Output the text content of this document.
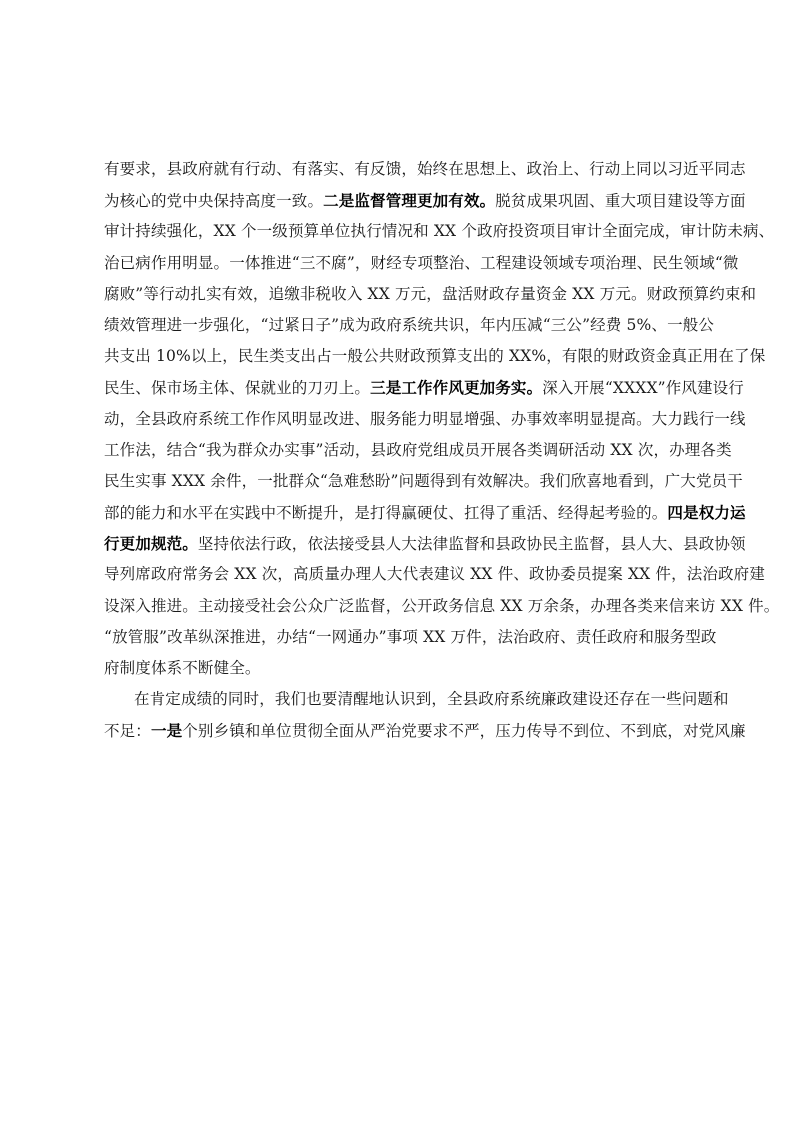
有要求，县政府就有行动、有落实、有反馈，始终在思想上、政治上、行动上同以习近平同志
为核心的党中央保持高度一致。二是监督管理更加有效。脱贫成果巩固、重大项目建设等方面
审计持续强化，XX 个一级预算单位执行情况和 XX 个政府投资项目审计全面完成，审计防未病、
治已病作用明显。一体推进“三不腐”，财经专项整治、工程建设领域专项治理、民生领域“微
腐败”等行动扎实有效，追缴非税收入 XX 万元，盘活财政存量资金 XX 万元。财政预算约束和
绩效管理进一步强化，“过紧日子”成为政府系统共识，年内压减“三公”经费 5%、一般公
共支出 10%以上，民生类支出占一般公共财政预算支出的 XX%，有限的财政资金真正用在了保
民生、保市场主体、保就业的刀刃上。三是工作作风更加务实。深入开展“XXXX”作风建设行
动，全县政府系统工作作风明显改进、服务能力明显增强、办事效率明显提高。大力践行一线
工作法，结合“我为群众办实事”活动，县政府党组成员开展各类调研活动 XX 次，办理各类
民生实事 XXX 余件，一批群众“急难愁盼”问题得到有效解决。我们欣喜地看到，广大党员干
部的能力和水平在实践中不断提升，是打得赢硬仗、扛得了重活、经得起考验的。四是权力运
行更加规范。坚持依法行政，依法接受县人大法律监督和县政协民主监督，县人大、县政协领
导列席政府常务会 XX 次，高质量办理人大代表建议 XX 件、政协委员提案 XX 件，法治政府建
设深入推进。主动接受社会公众广泛监督，公开政务信息 XX 万余条，办理各类来信来访 XX 件。
“放管服”改革纵深推进，办结“一网通办”事项 XX 万件，法治政府、责任政府和服务型政
府制度体系不断健全。
在肯定成绩的同时，我们也要清醒地认识到，全县政府系统廉政建设还存在一些问题和
不足：一是个别乡镇和单位贯彻全面从严治党要求不严，压力传导不到位、不到底，对党风廉
